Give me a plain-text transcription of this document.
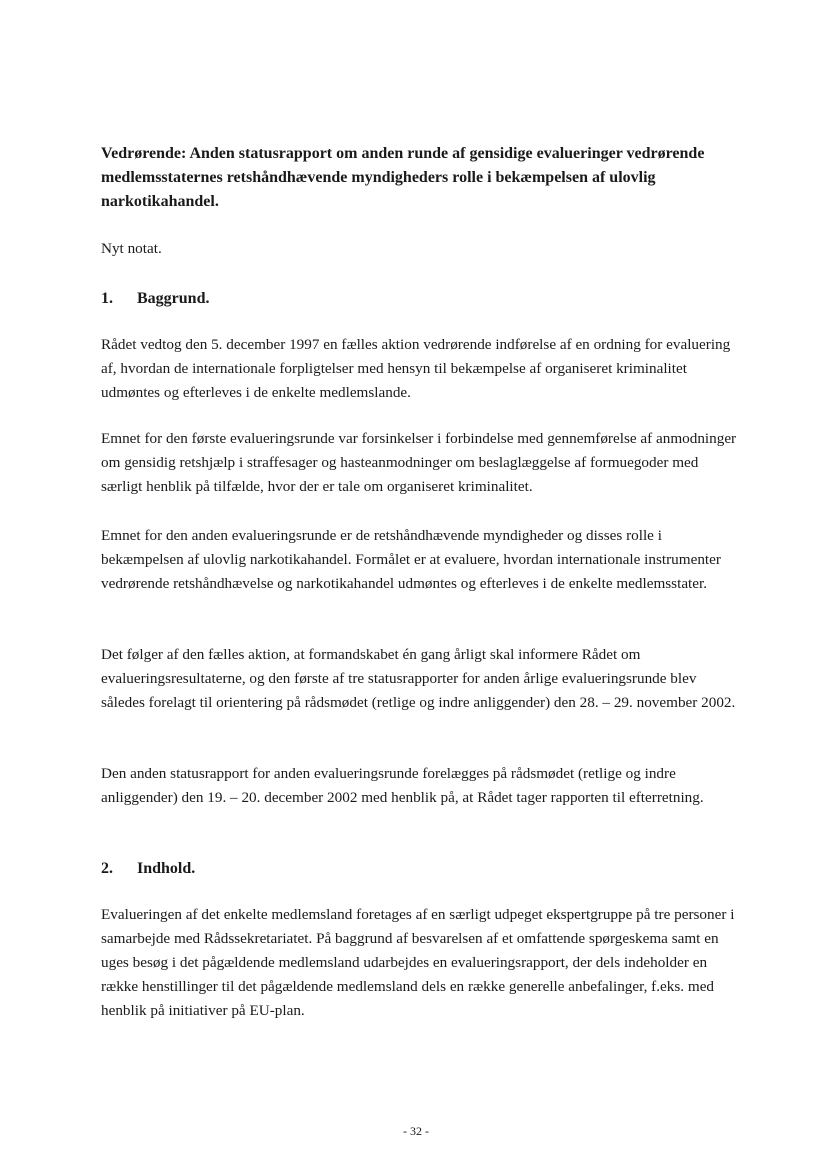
Vedrørende: Anden statusrapport om anden runde af gensidige evalueringer vedrørende medlemsstaternes retshåndhævende myndigheders rolle i bekæmpelsen af ulovlig narkotikahandel.

Nyt notat.

1. Baggrund.

Rådet vedtog den 5. december 1997 en fælles aktion vedrørende indførelse af en ordning for evaluering af, hvordan de internationale forpligtelser med hensyn til bekæmpelse af organiseret kriminalitet udmøntes og efterleves i de enkelte medlemslande.

Emnet for den første evalueringsrunde var forsinkelser i forbindelse med gennemførelse af anmodninger om gensidig retshjælp i straffesager og hasteanmodninger om beslaglæggelse af formuegoder med særligt henblik på tilfælde, hvor der er tale om organiseret kriminalitet.

Emnet for den anden evalueringsrunde er de retshåndhævende myndigheder og disses rolle i bekæmpelsen af ulovlig narkotikahandel. Formålet er at evaluere, hvordan internationale instrumenter vedrørende retshåndhævelse og narkotikahandel udmøntes og efterleves i de enkelte medlemsstater.

Det følger af den fælles aktion, at formandskabet én gang årligt skal informere Rådet om evalueringsresultaterne, og den første af tre statusrapporter for anden årlige evalueringsrunde blev således forelagt til orientering på rådsmødet (retlige og indre anliggender) den 28. – 29. november 2002.

Den anden statusrapport for anden evalueringsrunde forelægges på rådsmødet (retlige og indre anliggender) den 19. – 20. december 2002 med henblik på, at Rådet tager rapporten til efterretning.

2. Indhold.

Evalueringen af det enkelte medlemsland foretages af en særligt udpeget ekspertgruppe på tre personer i samarbejde med Rådssekretariatet. På baggrund af besvarelsen af et omfattende spørgeskema samt en uges besøg i det pågældende medlemsland udarbejdes en evalueringsrapport, der dels indeholder en række henstillinger til det pågældende medlemsland dels en række generelle anbefalinger, f.eks. med henblik på initiativer på EU-plan.

- 32 -
